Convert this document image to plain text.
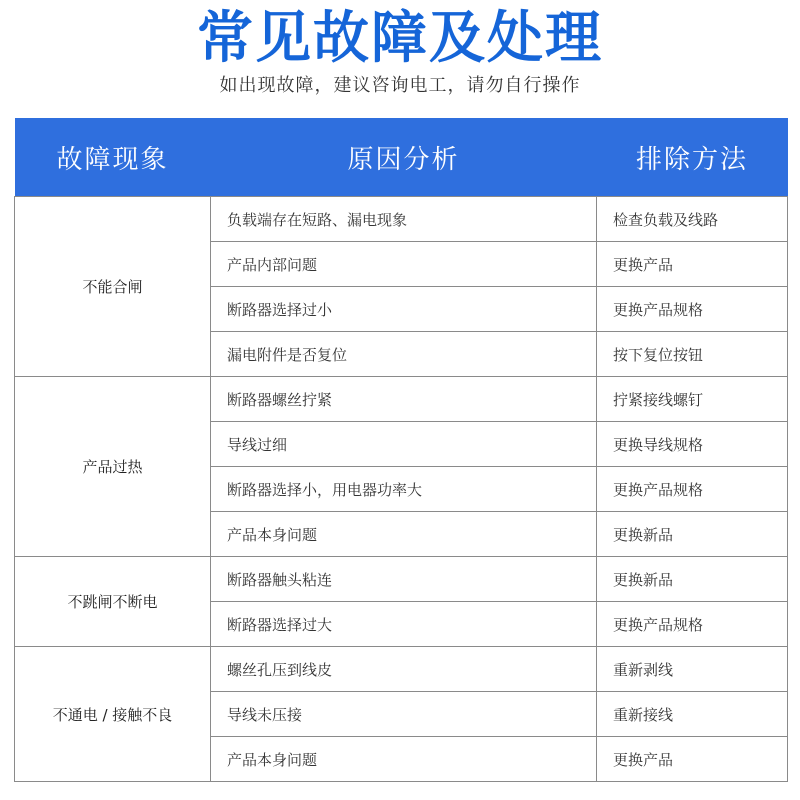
常见故障及处理
如出现故障，建议咨询电工，请勿自行操作
故障现象	原因分析	排除方法
不能合闸	负载端存在短路、漏电现象	检查负载及线路
	产品内部问题	更换产品
	断路器选择过小	更换产品规格
	漏电附件是否复位	按下复位按钮
产品过热	断路器螺丝拧紧	拧紧接线螺钉
	导线过细	更换导线规格
	断路器选择小，用电器功率大	更换产品规格
	产品本身问题	更换新品
不跳闸不断电	断路器触头粘连	更换新品
	断路器选择过大	更换产品规格
不通电 / 接触不良	螺丝孔压到线皮	重新剥线
	导线未压接	重新接线
	产品本身问题	更换产品
